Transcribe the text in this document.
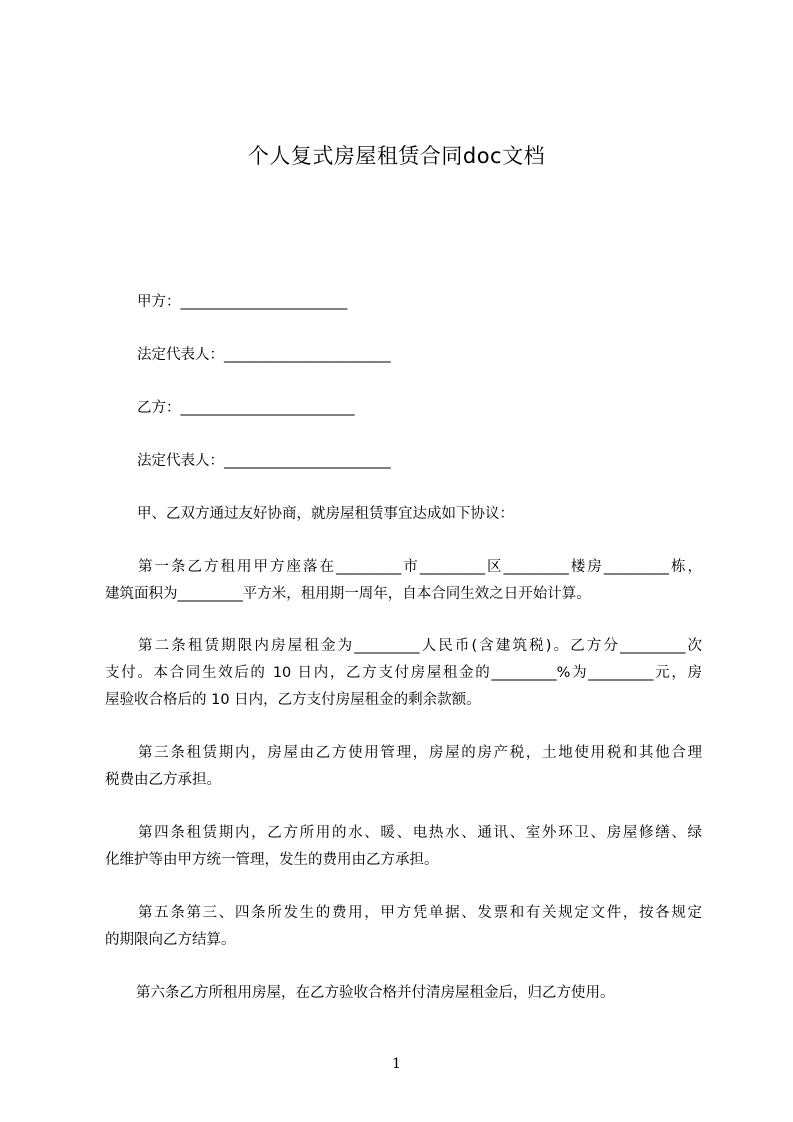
个人复式房屋租赁合同doc文档
甲方：_______________________
法定代表人：_______________________
乙方：________________________
法定代表人：_______________________
甲、乙双方通过友好协商，就房屋租赁事宜达成如下协议：
第一条乙方租用甲方座落在_________市_________区_________楼房_________栋，
建筑面积为_________平方米，租用期一周年，自本合同生效之日开始计算。
第二条租赁期限内房屋租金为_________人民币(含建筑税)。乙方分_________次
支付。本合同生效后的 10 日内，乙方支付房屋租金的_________%为_________元，房
屋验收合格后的 10 日内，乙方支付房屋租金的剩余款额。
第三条租赁期内，房屋由乙方使用管理，房屋的房产税，土地使用税和其他合理
税费由乙方承担。
第四条租赁期内，乙方所用的水、暖、电热水、通讯、室外环卫、房屋修缮、绿
化维护等由甲方统一管理，发生的费用由乙方承担。
第五条第三、四条所发生的费用，甲方凭单据、发票和有关规定文件，按各规定
的期限向乙方结算。
第六条乙方所租用房屋，在乙方验收合格并付清房屋租金后，归乙方使用。
1
